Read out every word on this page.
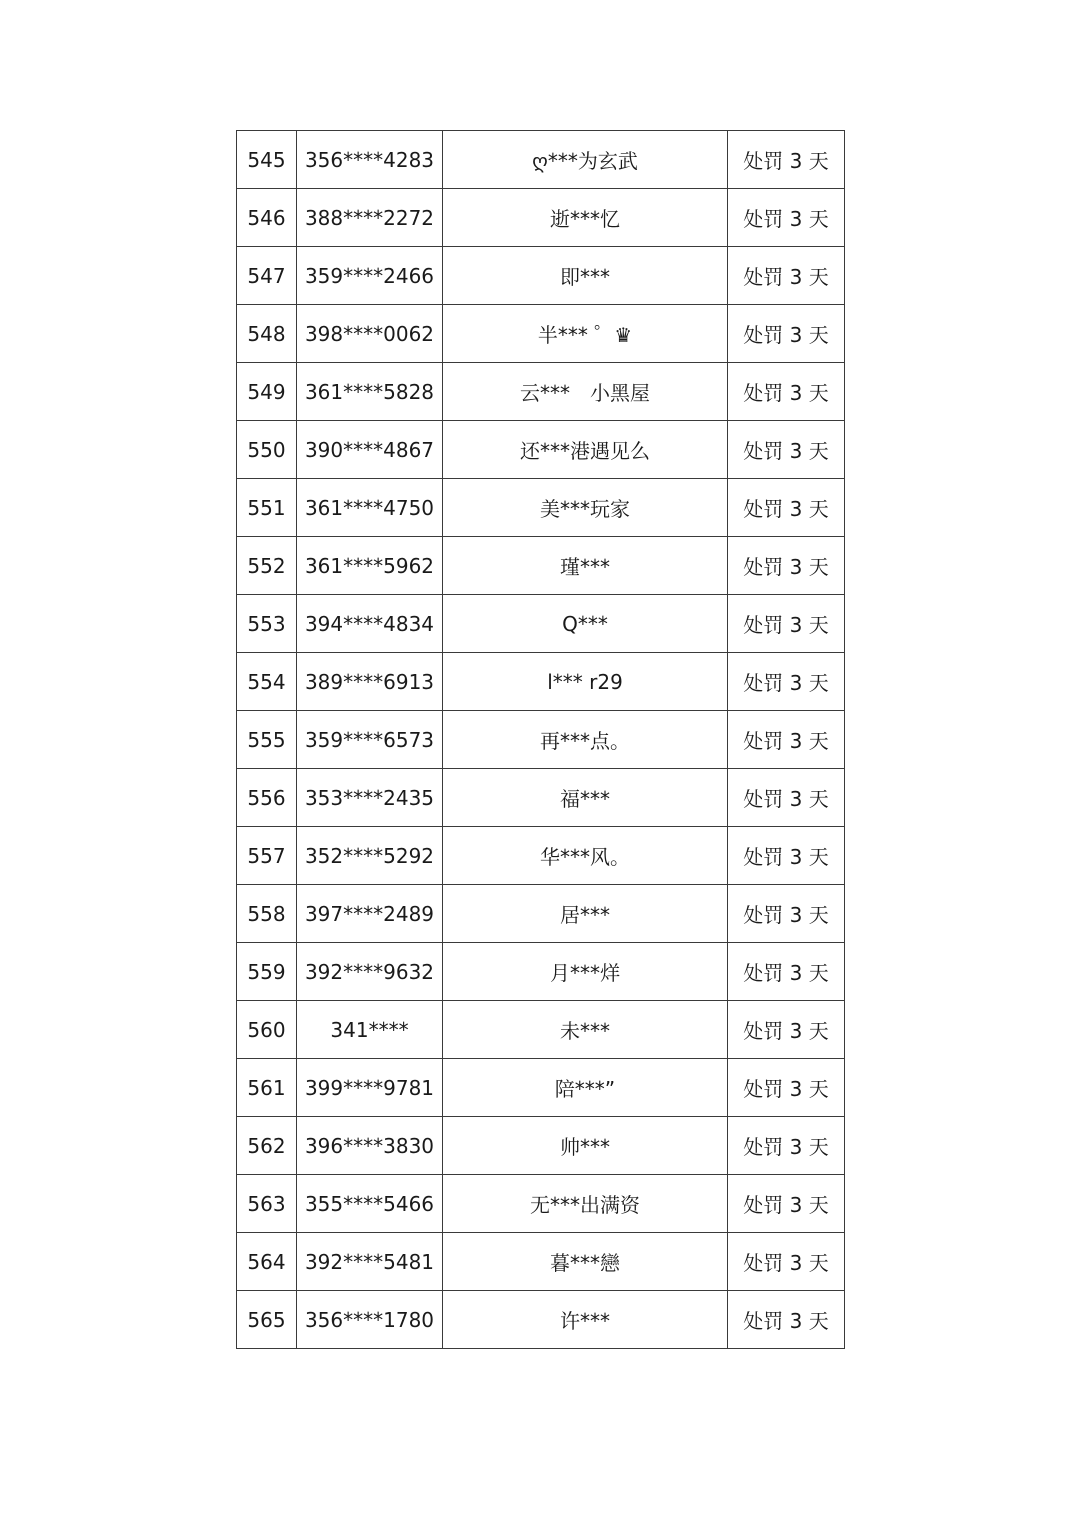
545	356****4283	ღ***为玄武	处罚 3 天
546	388****2272	逝***忆	处罚 3 天
547	359****2466	即***	处罚 3 天
548	398****0062	半*** ゜♛	处罚 3 天
549	361****5828	云***　小黑屋	处罚 3 天
550	390****4867	还***港遇见么	处罚 3 天
551	361****4750	美***玩家	处罚 3 天
552	361****5962	瑾***	处罚 3 天
553	394****4834	Q***	处罚 3 天
554	389****6913	l*** r29	处罚 3 天
555	359****6573	再***点。	处罚 3 天
556	353****2435	福***	处罚 3 天
557	352****5292	华***风。	处罚 3 天
558	397****2489	居***	处罚 3 天
559	392****9632	月***烊	处罚 3 天
560	341****	未***	处罚 3 天
561	399****9781	陪***”	处罚 3 天
562	396****3830	帅***	处罚 3 天
563	355****5466	无***出满资	处罚 3 天
564	392****5481	暮***戀	处罚 3 天
565	356****1780	许***	处罚 3 天
